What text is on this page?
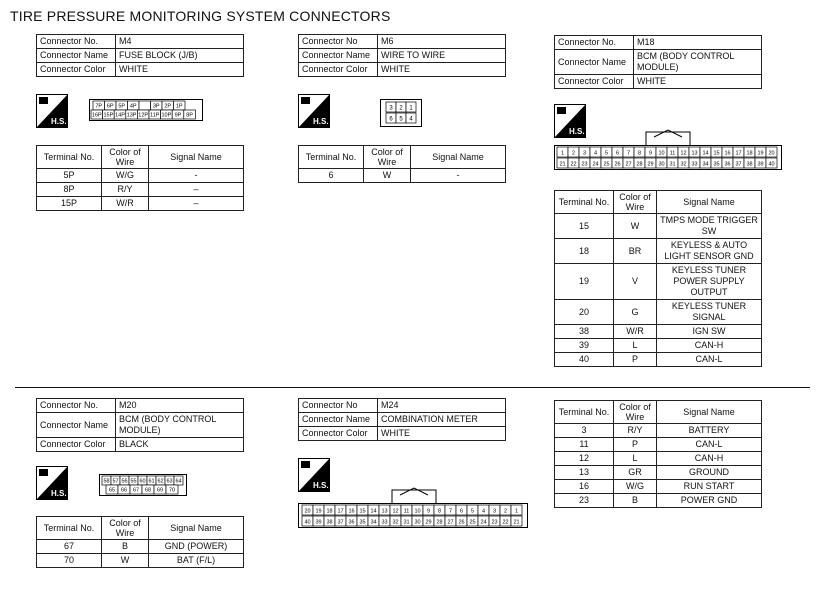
TIRE PRESSURE MONITORING SYSTEM CONNECTORS
Connector No.	M4
Connector Name	FUSE BLOCK (J/B)
Connector Color	WHITE
H.S.
7P 6P 5P 4P	3P 2P 1P
16P 15P 14P 13P 12P 11P 10P 9P 8P
Terminal No.	Color of Wire	Signal Name
5P	W/G	-
8P	R/Y	–
15P	W/R	–
Connector No	M6
Connector Name	WIRE TO WIRE
Connector Color	WHITE
H.S.
3 2 1
6 5 4
Terminal No.	Color of Wire	Signal Name
6	W	-
Connector No.	M18
Connector Name	BCM (BODY CONTROL MODULE)
Connector Color	WHITE
H.S.
1 2 3 4 5 6 7 8 9 10 11 12 13 14 15 16 17 18 19 20
21 22 23 24 25 26 27 28 29 30 31 32 33 34 35 36 37 38 39 40
Terminal No.	Color of Wire	Signal Name
15	W	TMPS MODE TRIGGER SW
18	BR	KEYLESS & AUTO LIGHT SENSOR GND
19	V	KEYLESS TUNER POWER SUPPLY OUTPUT
20	G	KEYLESS TUNER SIGNAL
38	W/R	IGN SW
39	L	CAN-H
40	P	CAN-L
Connector No.	M20
Connector Name	BCM (BODY CONTROL MODULE)
Connector Color	BLACK
H.S.
58 57 56 55 60 61 62 63 64
65 66 67 68 69 70
Terminal No.	Color of Wire	Signal Name
67	B	GND (POWER)
70	W	BAT (F/L)
Connector No	M24
Connector Name	COMBINATION METER
Connector Color	WHITE
H.S.
20 19 18 17 16 15 14 13 12 11 10 9 8 7 6 5 4 3 2 1
40 39 38 37 36 35 34 33 32 31 30 29 28 27 26 25 24 23 22 21
Terminal No.	Color of Wire	Signal Name
3	R/Y	BATTERY
11	P	CAN-L
12	L	CAN-H
13	GR	GROUND
16	W/G	RUN START
23	B	POWER GND
